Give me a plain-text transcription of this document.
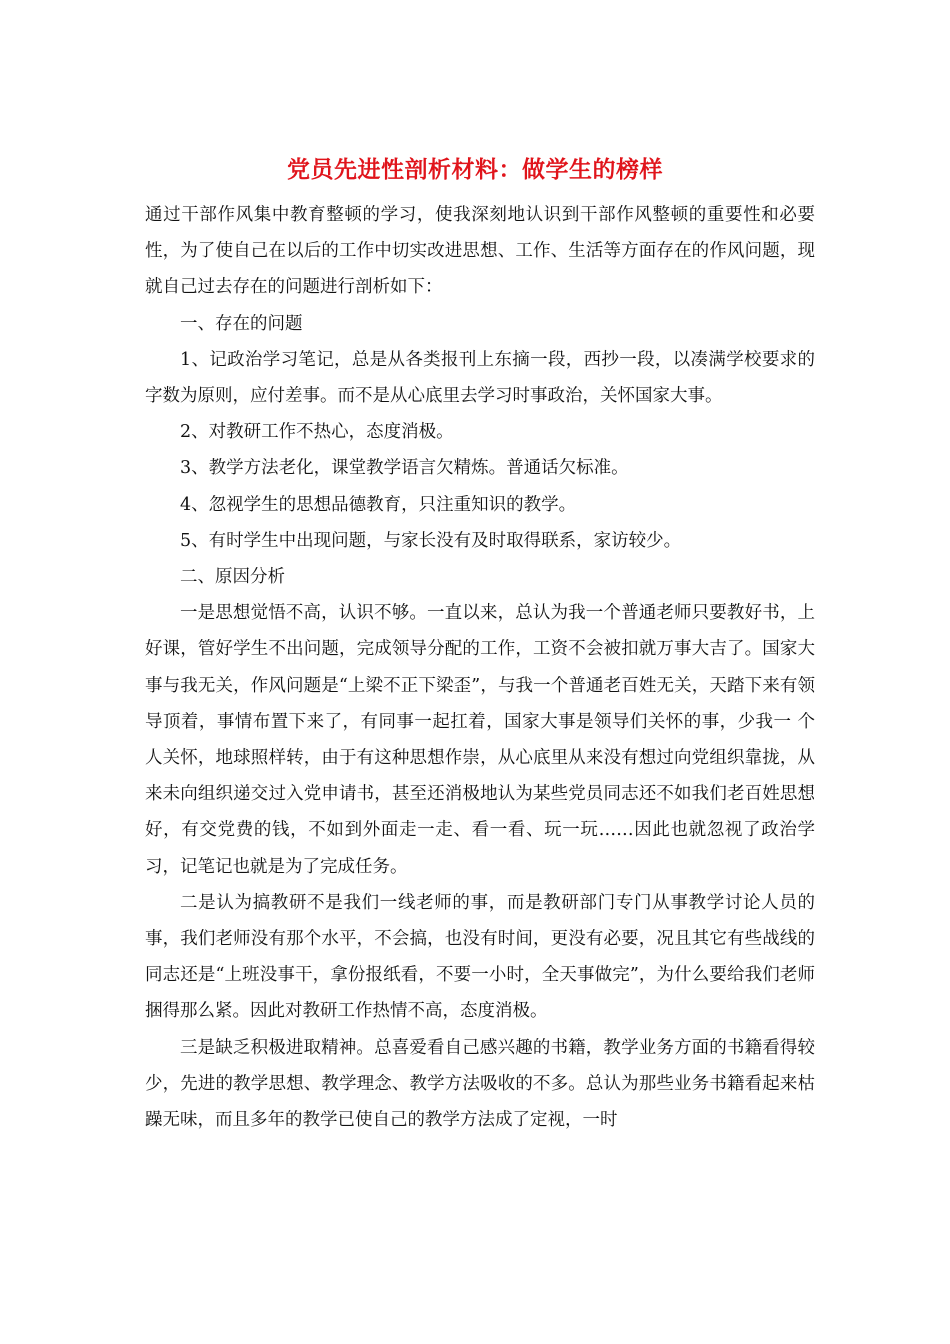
党员先进性剖析材料：做学生的榜样

通过干部作风集中教育整顿的学习，使我深刻地认识到干部作风整顿的重要性和必要性，为了使自己在以后的工作中切实改进思想、工作、生活等方面存在的作风问题，现就自己过去存在的问题进行剖析如下：

一、存在的问题

1、记政治学习笔记，总是从各类报刊上东摘一段，西抄一段，以凑满学校要求的字数为原则，应付差事。而不是从心底里去学习时事政治，关怀国家大事。

2、对教研工作不热心，态度消极。

3、教学方法老化，课堂教学语言欠精炼。普通话欠标准。

4、忽视学生的思想品德教育，只注重知识的教学。

5、有时学生中出现问题，与家长没有及时取得联系，家访较少。

二、原因分析

一是思想觉悟不高，认识不够。一直以来，总认为我一个普通老师只要教好书，上好课，管好学生不出问题，完成领导分配的工作，工资不会被扣就万事大吉了。国家大事与我无关，作风问题是“上梁不正下梁歪”，与我一个普通老百姓无关，天踏下来有领导顶着，事情布置下来了，有同事一起扛着，国家大事是领导们关怀的事，少我一 个人关怀，地球照样转，由于有这种思想作崇，从心底里从来没有想过向党组织靠拢，从来未向组织递交过入党申请书，甚至还消极地认为某些党员同志还不如我们老百姓思想好，有交党费的钱，不如到外面走一走、看一看、玩一玩……因此也就忽视了政治学习，记笔记也就是为了完成任务。

二是认为搞教研不是我们一线老师的事，而是教研部门专门从事教学讨论人员的事，我们老师没有那个水平，不会搞，也没有时间，更没有必要，况且其它有些战线的同志还是“上班没事干，拿份报纸看，不要一小时，全天事做完”，为什么要给我们老师捆得那么紧。因此对教研工作热情不高，态度消极。

三是缺乏积极进取精神。总喜爱看自己感兴趣的书籍，教学业务方面的书籍看得较少，先进的教学思想、教学理念、教学方法吸收的不多。总认为那些业务书籍看起来枯躁无味，而且多年的教学已使自己的教学方法成了定视，一时
